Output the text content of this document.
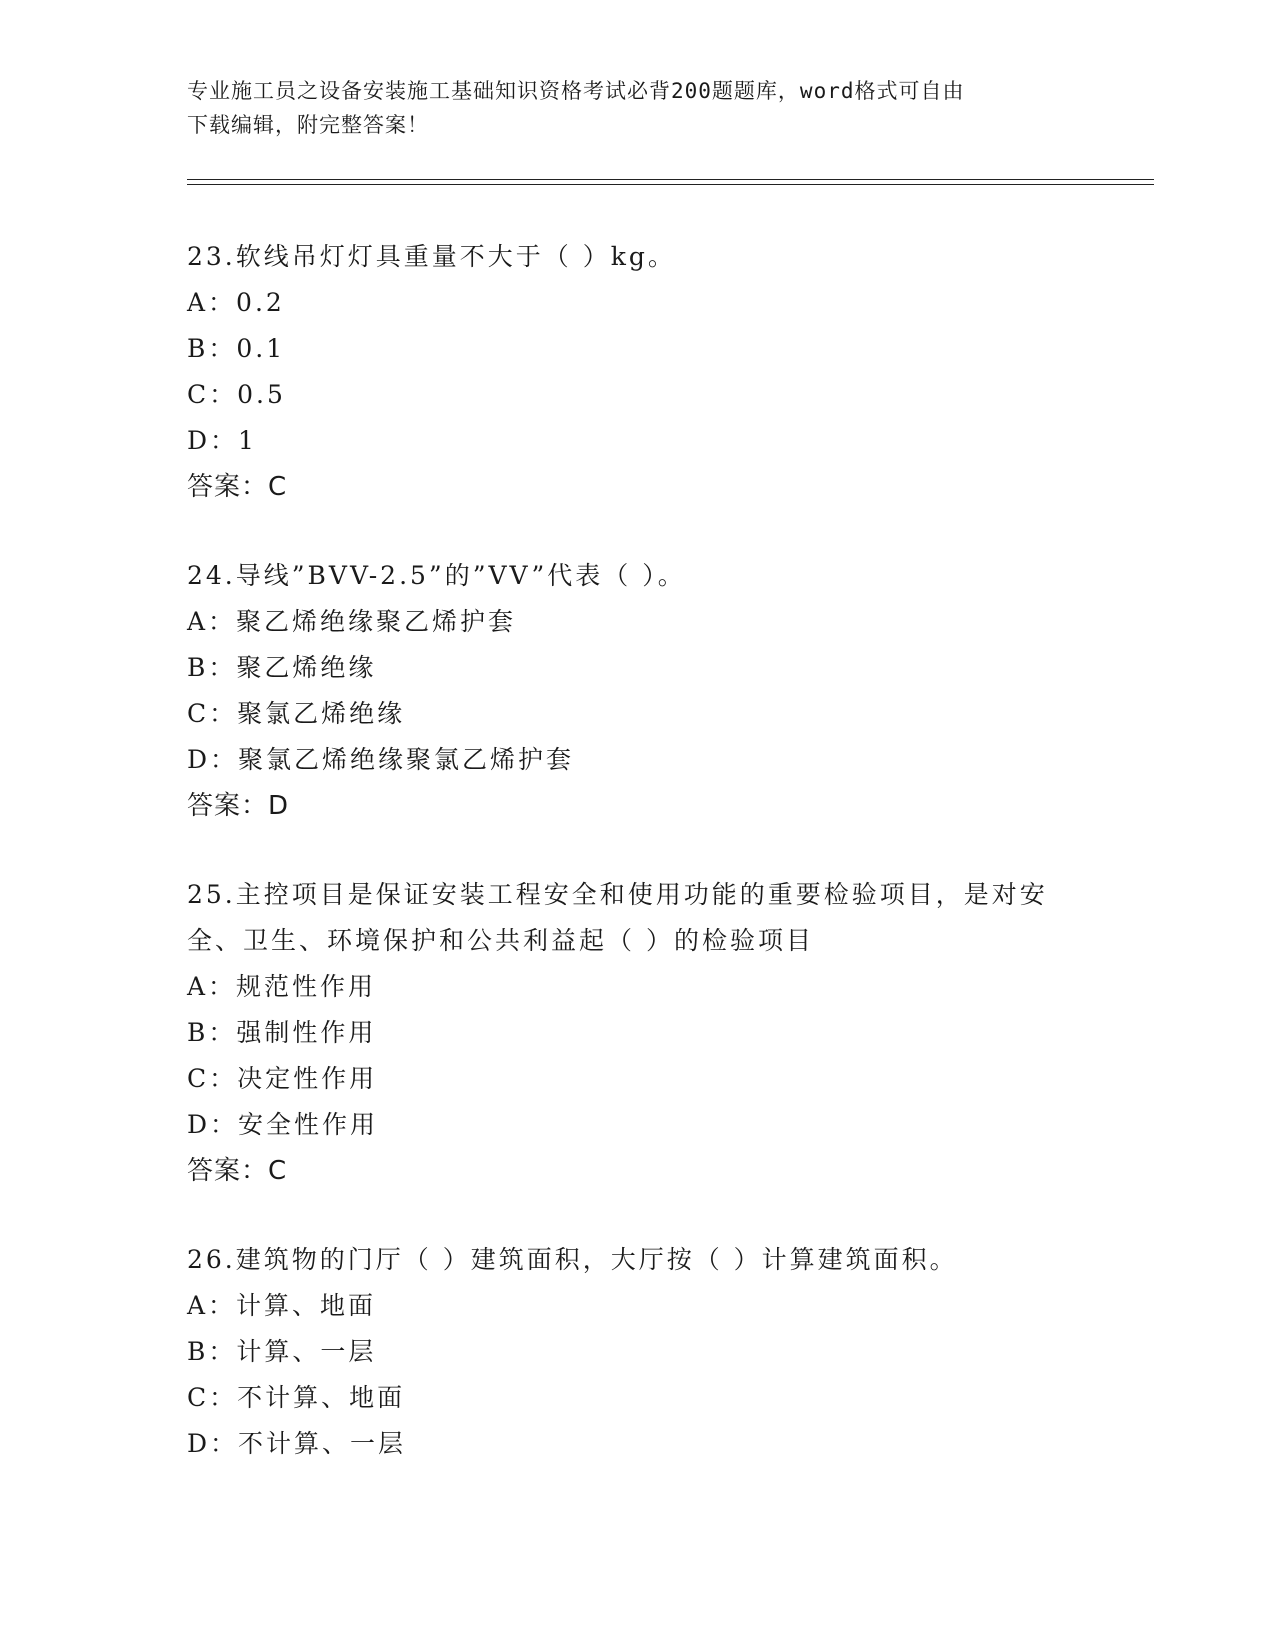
专业施工员之设备安装施工基础知识资格考试必背200题题库，word格式可自由
下载编辑，附完整答案！

23.软线吊灯灯具重量不大于（ ）kg。

A：0.2

B：0.1

C：0.5

D：1

答案：C

24.导线”BVV-2.5”的”VV”代表（ ）。

A：聚乙烯绝缘聚乙烯护套

B：聚乙烯绝缘

C：聚氯乙烯绝缘

D：聚氯乙烯绝缘聚氯乙烯护套

答案：D

25.主控项目是保证安装工程安全和使用功能的重要检验项目，是对安

全、卫生、环境保护和公共利益起（ ）的检验项目

A：规范性作用

B：强制性作用

C：决定性作用

D：安全性作用

答案：C

26.建筑物的门厅（ ）建筑面积，大厅按（ ）计算建筑面积。

A：计算、地面

B：计算、一层

C：不计算、地面

D：不计算、一层
